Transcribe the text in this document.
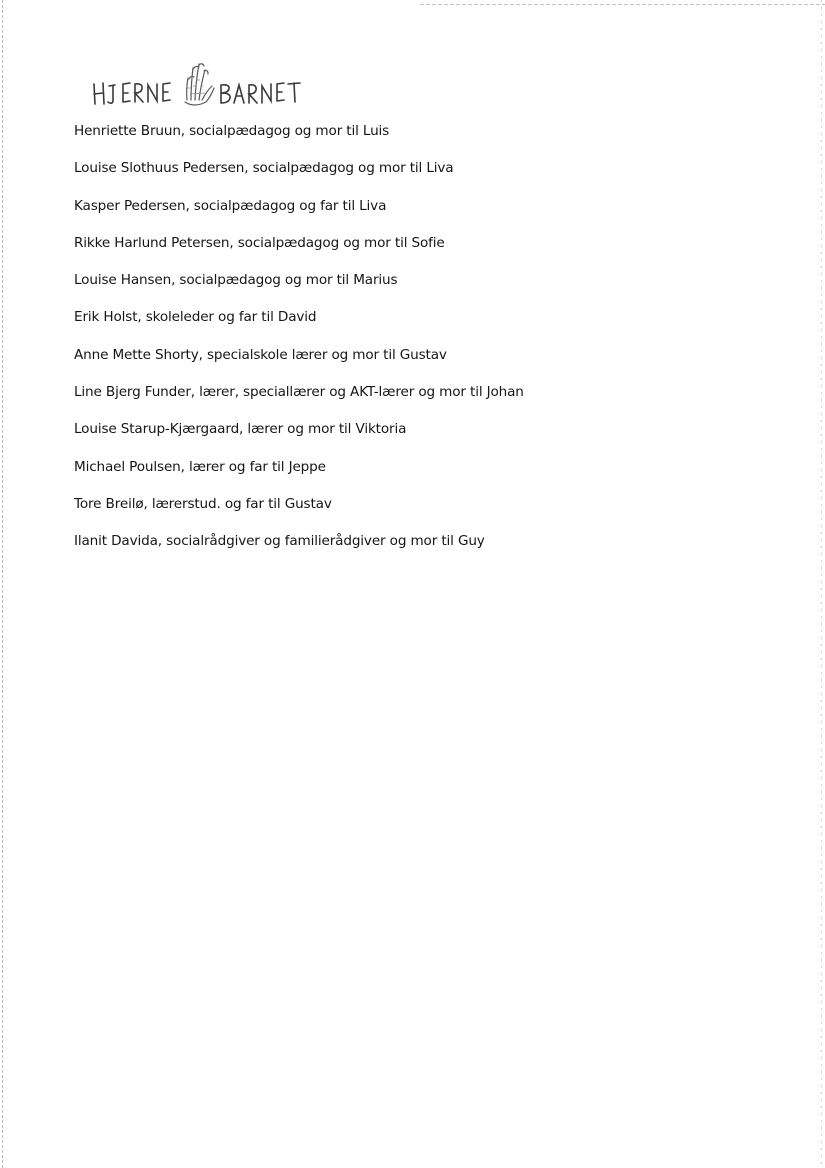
Henriette Bruun, socialpædagog og mor til Luis
Louise Slothuus Pedersen, socialpædagog og mor til Liva
Kasper Pedersen, socialpædagog og far til Liva
Rikke Harlund Petersen, socialpædagog og mor til Sofie
Louise Hansen, socialpædagog og mor til Marius
Erik Holst, skoleleder og far til David
Anne Mette Shorty, specialskole lærer og mor til Gustav
Line Bjerg Funder, lærer, speciallærer og AKT-lærer og mor til Johan
Louise Starup-Kjærgaard, lærer og mor til Viktoria
Michael Poulsen, lærer og far til Jeppe
Tore Breilø, lærerstud. og far til Gustav
Ilanit Davida, socialrådgiver og familierådgiver og mor til Guy
